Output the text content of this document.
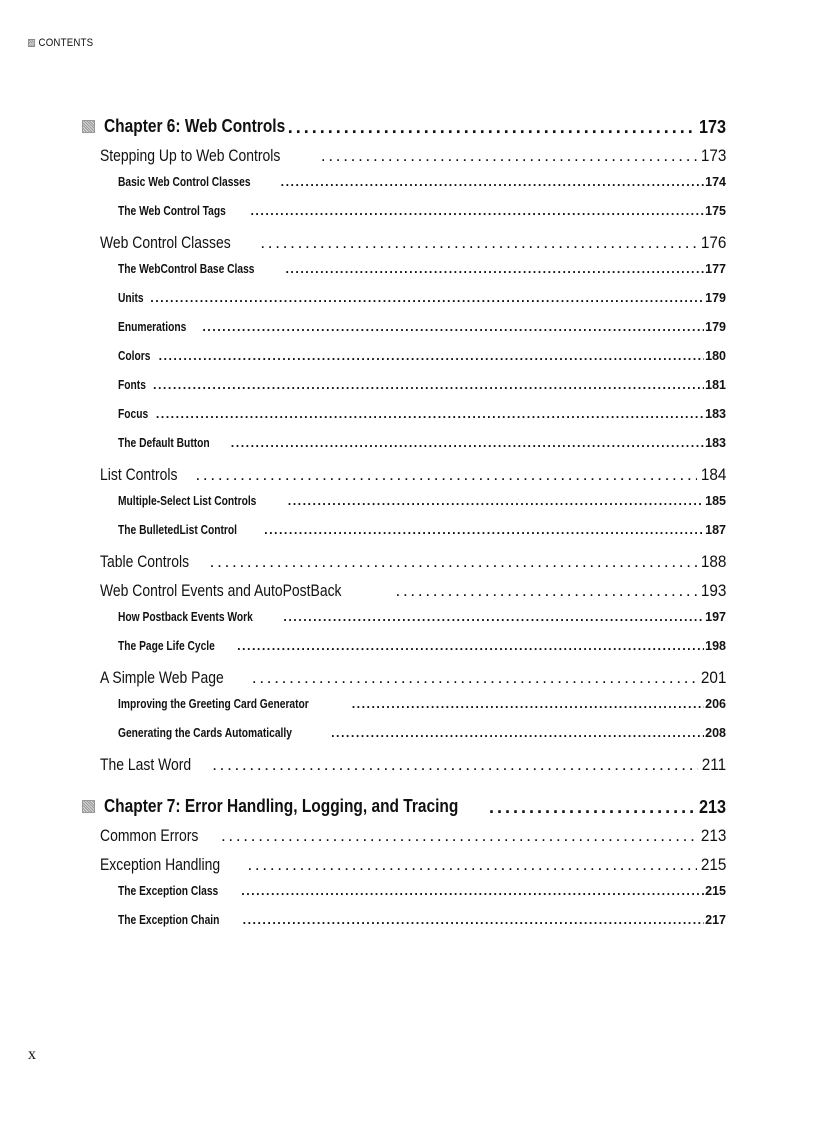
CONTENTS
Chapter 6: Web Controls . . .	173
Stepping Up to Web Controls . . .	173
Basic Web Control Classes . . .	174
The Web Control Tags . . .	175
Web Control Classes . . .	176
The WebControl Base Class . . .	177
Units . . .	179
Enumerations . . .	179
Colors . . .	180
Fonts . . .	181
Focus . . .	183
The Default Button . . .	183
List Controls . . .	184
Multiple-Select List Controls . . .	185
The BulletedList Control . . .	187
Table Controls . . .	188
Web Control Events and AutoPostBack . . .	193
How Postback Events Work . . .	197
The Page Life Cycle . . .	198
A Simple Web Page . . .	201
Improving the Greeting Card Generator . . .	206
Generating the Cards Automatically . . .	208
The Last Word . . .	211
Chapter 7: Error Handling, Logging, and Tracing . . .	213
Common Errors . . .	213
Exception Handling . . .	215
The Exception Class . . .	215
The Exception Chain . . .	217
x
